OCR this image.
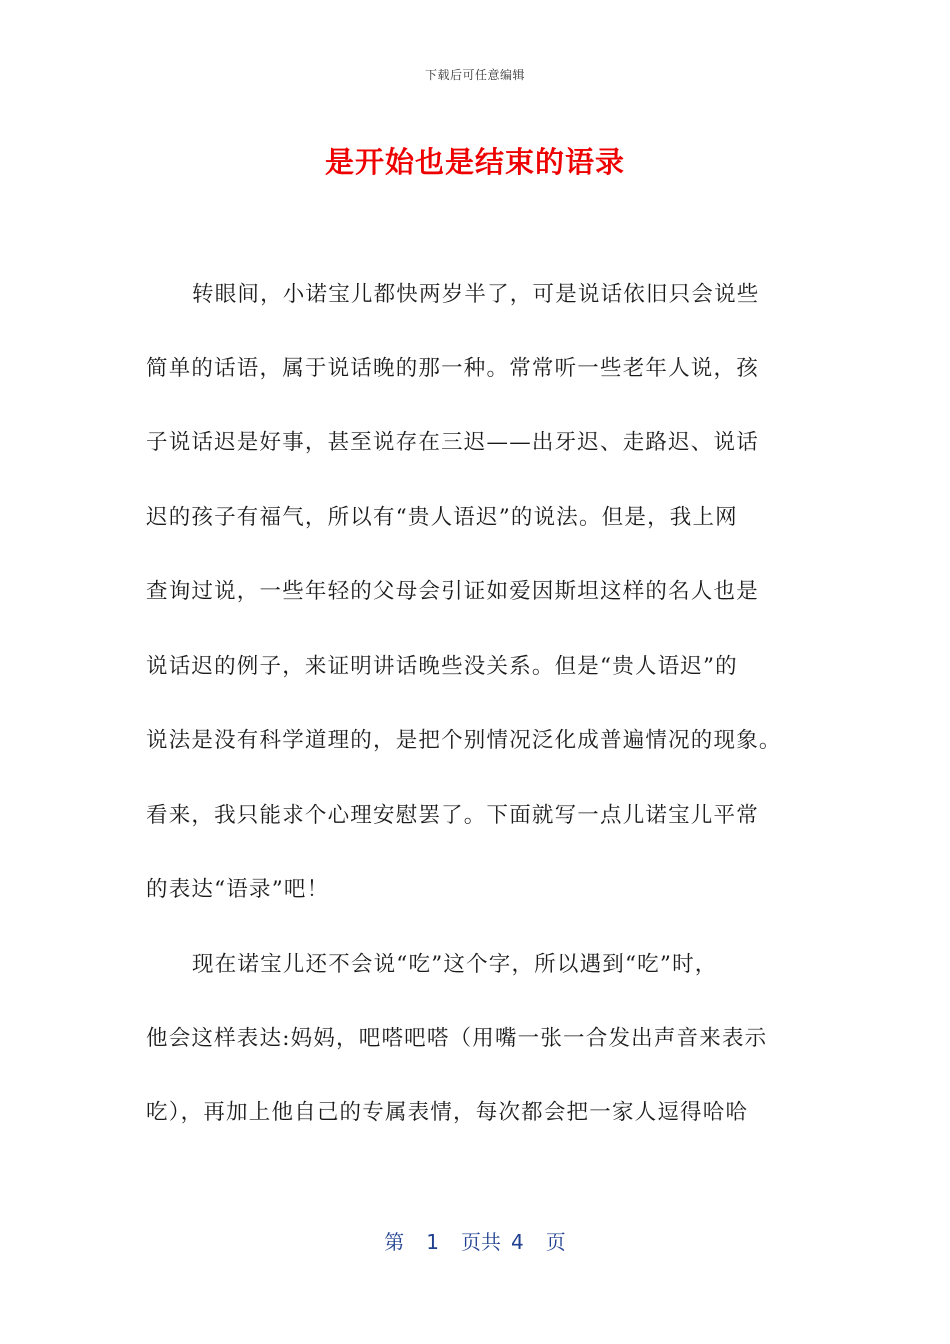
下载后可任意编辑
是开始也是结束的语录
转眼间，小诺宝儿都快两岁半了，可是说话依旧只会说些
简单的话语，属于说话晚的那一种。常常听一些老年人说，孩
子说话迟是好事，甚至说存在三迟——出牙迟、走路迟、说话
迟的孩子有福气，所以有“贵人语迟”的说法。但是，我上网
查询过说，一些年轻的父母会引证如爱因斯坦这样的名人也是
说话迟的例子，来证明讲话晚些没关系。但是“贵人语迟”的
说法是没有科学道理的，是把个别情况泛化成普遍情况的现象。
看来，我只能求个心理安慰罢了。下面就写一点儿诺宝儿平常
的表达“语录”吧！
现在诺宝儿还不会说“吃”这个字，所以遇到“吃”时，
他会这样表达:妈妈，吧嗒吧嗒（用嘴一张一合发出声音来表示
吃），再加上他自己的专属表情，每次都会把一家人逗得哈哈
第 1 页共 4 页
